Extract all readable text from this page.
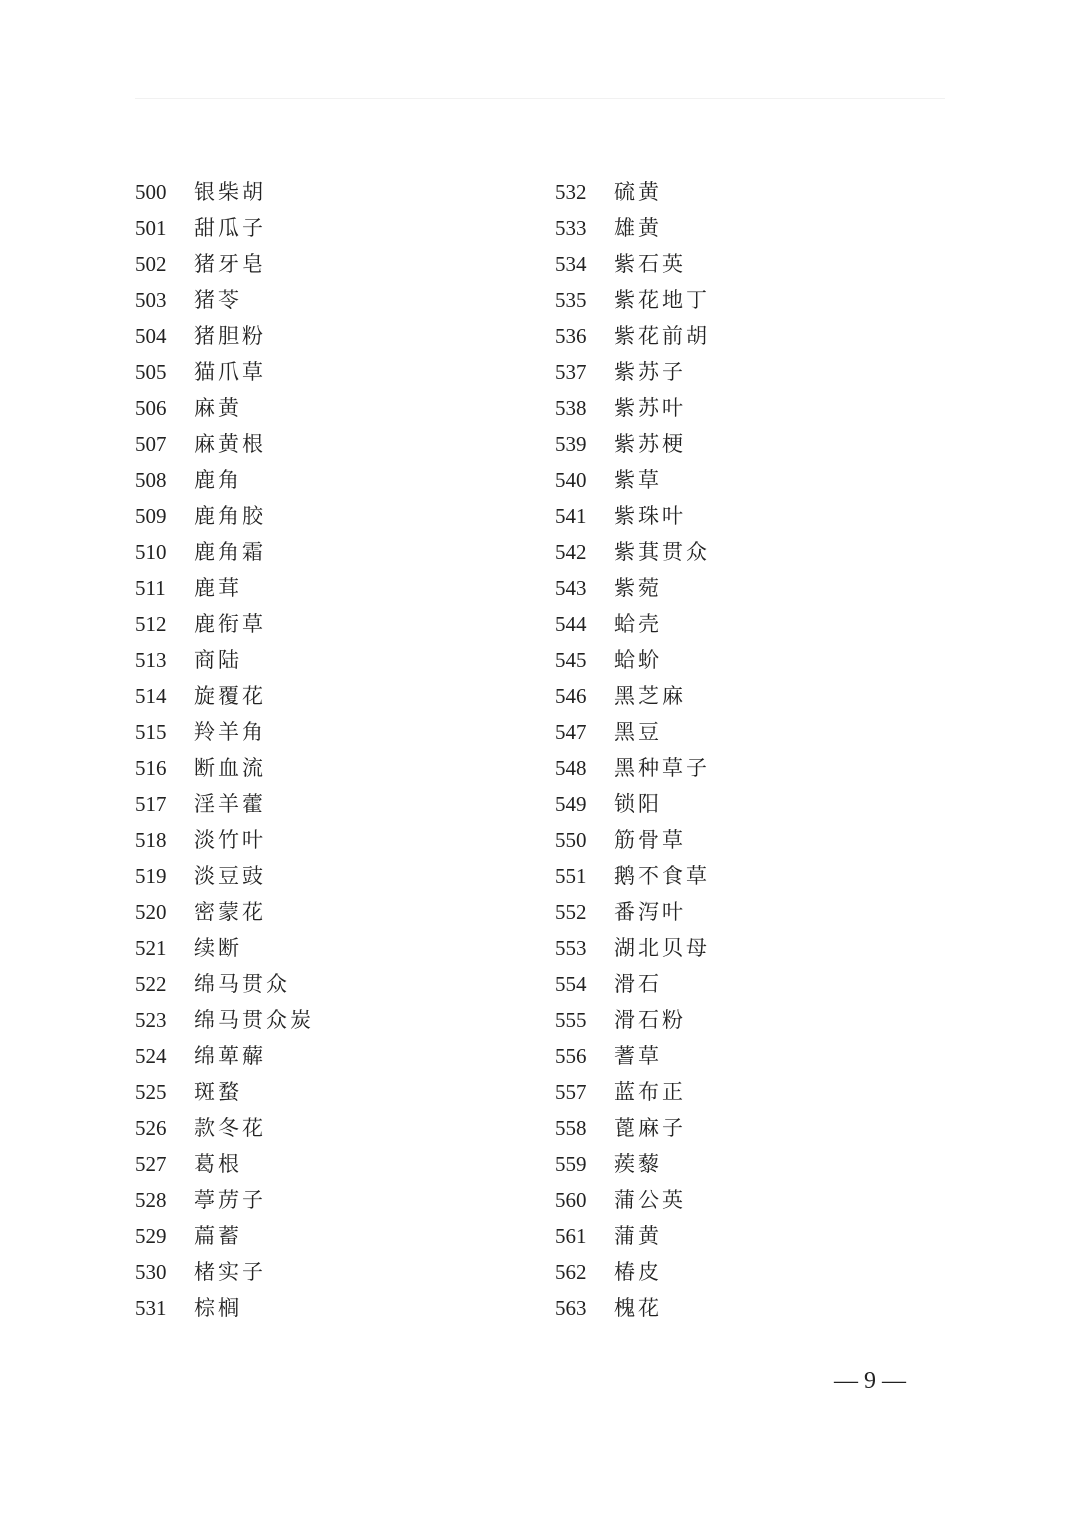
500 银柴胡
501 甜瓜子
502 猪牙皂
503 猪苓
504 猪胆粉
505 猫爪草
506 麻黄
507 麻黄根
508 鹿角
509 鹿角胶
510 鹿角霜
511 鹿茸
512 鹿衔草
513 商陆
514 旋覆花
515 羚羊角
516 断血流
517 淫羊藿
518 淡竹叶
519 淡豆豉
520 密蒙花
521 续断
522 绵马贯众
523 绵马贯众炭
524 绵萆薢
525 斑蝥
526 款冬花
527 葛根
528 葶苈子
529 萹蓄
530 楮实子
531 棕榈
532 硫黄
533 雄黄
534 紫石英
535 紫花地丁
536 紫花前胡
537 紫苏子
538 紫苏叶
539 紫苏梗
540 紫草
541 紫珠叶
542 紫萁贯众
543 紫菀
544 蛤壳
545 蛤蚧
546 黑芝麻
547 黑豆
548 黑种草子
549 锁阳
550 筋骨草
551 鹅不食草
552 番泻叶
553 湖北贝母
554 滑石
555 滑石粉
556 蓍草
557 蓝布正
558 蓖麻子
559 蒺藜
560 蒲公英
561 蒲黄
562 椿皮
563 槐花
— 9 —
